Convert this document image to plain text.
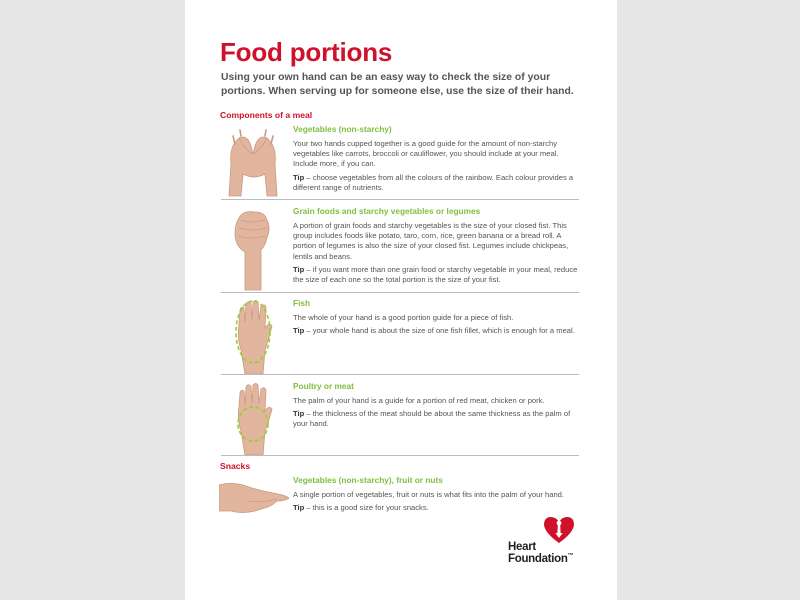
Food portions

Using your own hand can be an easy way to check the size of your portions. When serving up for someone else, use the size of their hand.

Components of a meal
Vegetables (non-starchy)

Your two hands cupped together is a good guide for the amount of non-starchy vegetables like carrots, broccoli or cauliflower, you should include at your meal. Include more, if you can.

Tip – choose vegetables from all the colours of the rainbow. Each colour provides a different range of nutrients.

Grain foods and starchy vegetables or legumes

A portion of grain foods and starchy vegetables is the size of your closed fist. This group includes foods like potato, taro, corn, rice, green banana or a bread roll. A portion of legumes is also the size of your closed fist. Legumes include chickpeas, lentils and beans.

Tip – if you want more than one grain food or starchy vegetable in your meal, reduce the size of each one so the total portion is the size of your fist.

Fish

The whole of your hand is a good portion guide for a piece of fish.

Tip – your whole hand is about the size of one fish fillet, which is enough for a meal.

Poultry or meat

The palm of your hand is a guide for a portion of red meat, chicken or pork.

Tip – the thickness of the meat should be about the same thickness as the palm of your hand.

Snacks
Vegetables (non-starchy), fruit or nuts

A single portion of vegetables, fruit or nuts is what fits into the palm of your hand.

Tip – this is a good size for your snacks.

Heart
Foundation™
